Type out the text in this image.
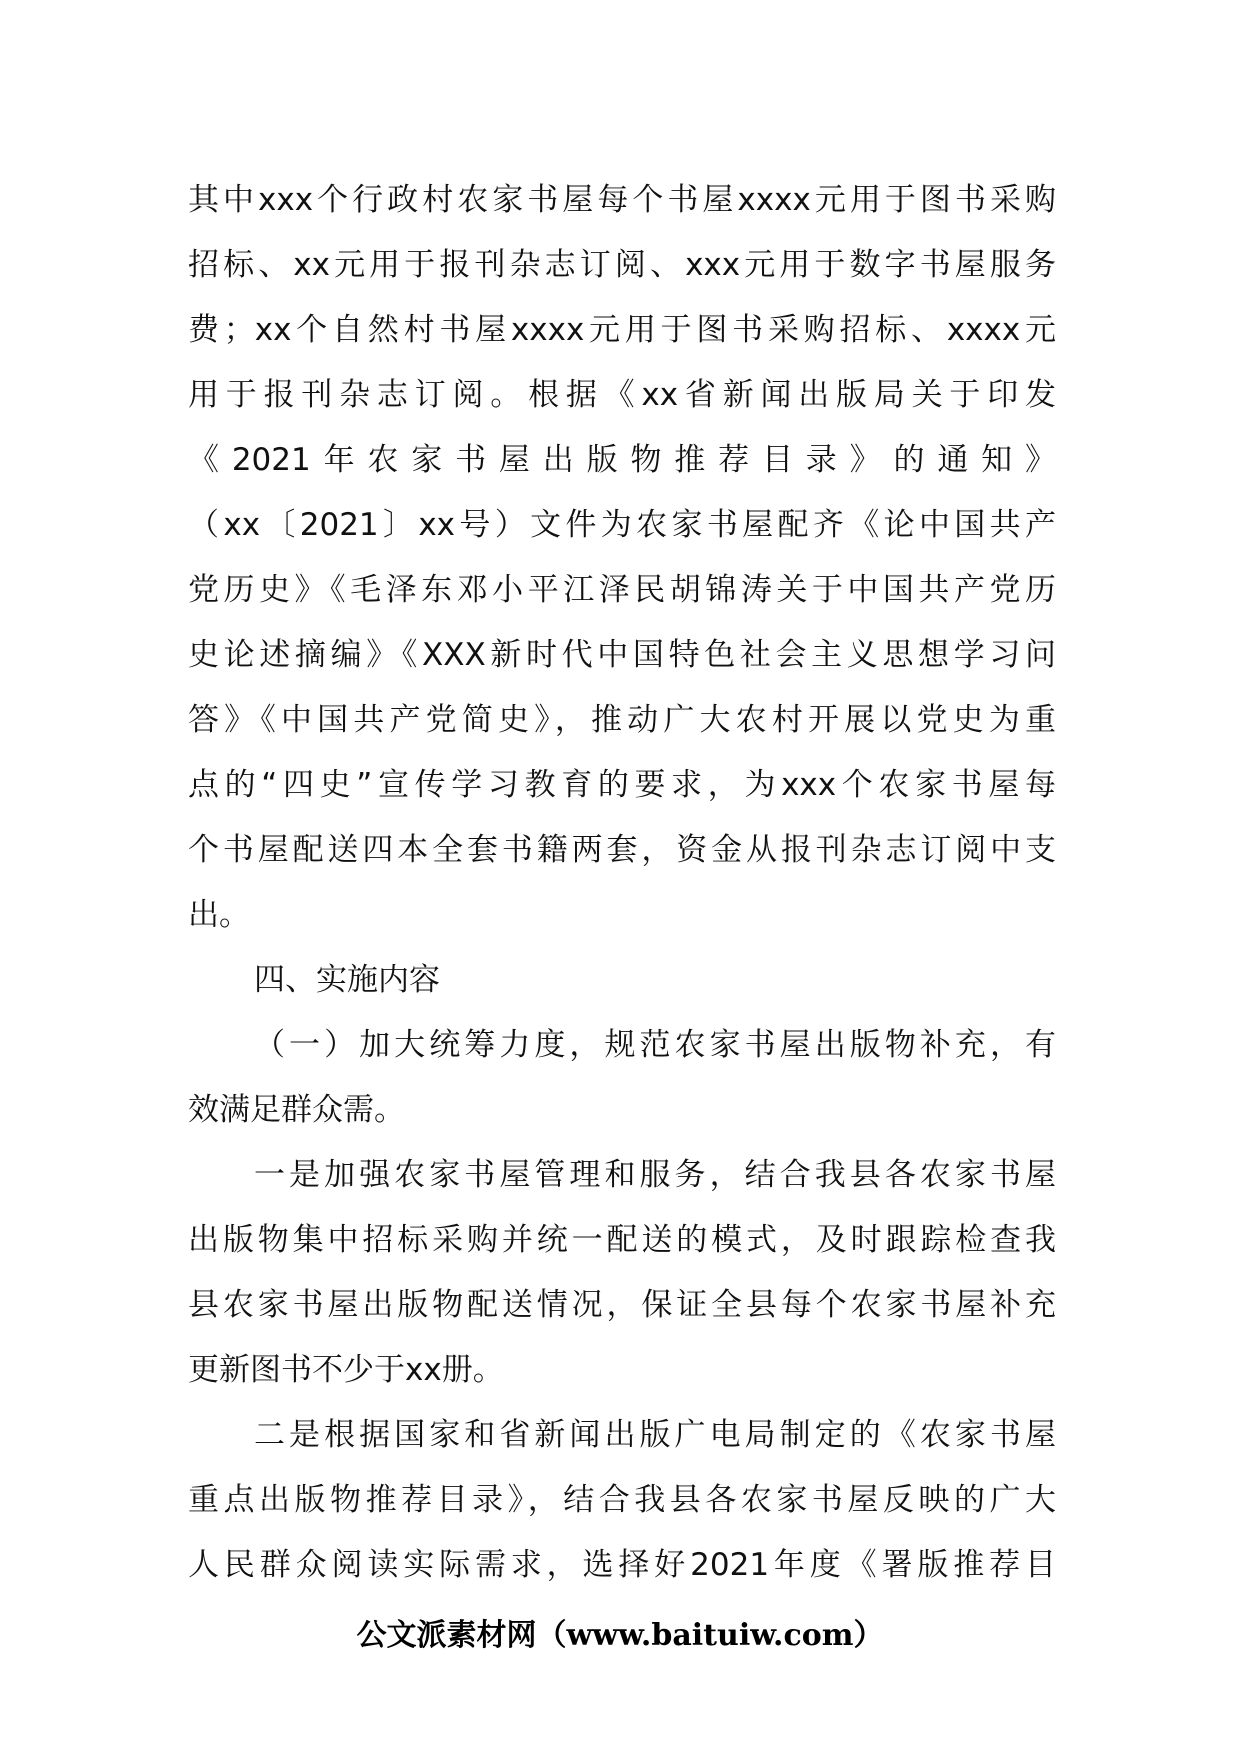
其中xxx个行政村农家书屋每个书屋xxxx元用于图书采购
招标、xx元用于报刊杂志订阅、xxx元用于数字书屋服务
费；xx个自然村书屋xxxx元用于图书采购招标、xxxx元
用于报刊杂志订阅。根据《xx省新闻出版局关于印发
《2021年农家书屋出版物推荐目录》的通知》
（xx〔2021〕xx号）文件为农家书屋配齐《论中国共产
党历史》《毛泽东邓小平江泽民胡锦涛关于中国共产党历
史论述摘编》《XXX新时代中国特色社会主义思想学习问
答》《中国共产党简史》，推动广大农村开展以党史为重
点的“四史”宣传学习教育的要求，为xxx个农家书屋每
个书屋配送四本全套书籍两套，资金从报刊杂志订阅中支
出。
四、实施内容
（一）加大统筹力度，规范农家书屋出版物补充，有
效满足群众需。
一是加强农家书屋管理和服务，结合我县各农家书屋
出版物集中招标采购并统一配送的模式，及时跟踪检查我
县农家书屋出版物配送情况，保证全县每个农家书屋补充
更新图书不少于xx册。
二是根据国家和省新闻出版广电局制定的《农家书屋
重点出版物推荐目录》，结合我县各农家书屋反映的广大
人民群众阅读实际需求，选择好2021年度《署版推荐目
公文派素材网（www.baituiw.com）
